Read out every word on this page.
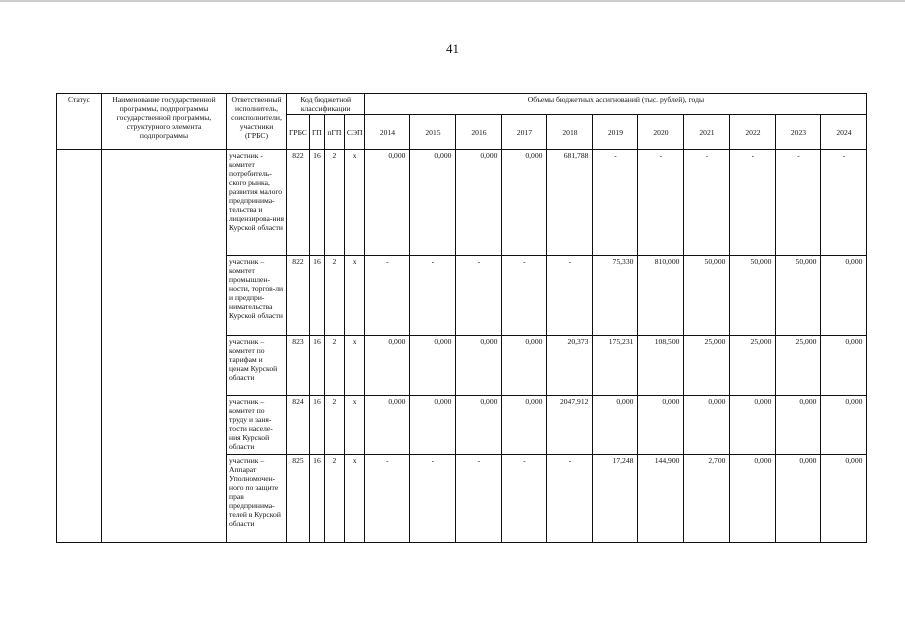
41
Статус	Наименование государственной программы, подпрограммы государственной программы, структурного элемента подпрограммы	Ответственный исполнитель, соисполнители, участники (ГРБС)	Код бюджетной классификации				Объемы бюджетных ассигнований (тыс. рублей), годы										
			ГРБС	ГП	пГП	СЭП	2014	2015	2016	2017	2018	2019	2020	2021	2022	2023	2024
		участник - комитет потребитель-ского рынка, развития малого предпринима-тельства и лицензирова-ния Курской области	822	16	2	x	0,000	0,000	0,000	0,000	681,788	-	-	-	-	-	-
		участник – комитет промышлен-ности, торгов-ли и предпри-нимательства Курской области	822	16	2	x	-	-	-	-	-	75,330	810,000	50,000	50,000	50,000	0,000
		участник – комитет по тарифам и ценам Курской области	823	16	2	x	0,000	0,000	0,000	0,000	20,373	175,231	108,500	25,000	25,000	25,000	0,000
		участник – комитет по труду и заня-тости населе-ния Курской области	824	16	2	x	0,000	0,000	0,000	0,000	2047,912	0,000	0,000	0,000	0,000	0,000	0,000
		участник – Аппарат Уполномочен-ного по защите прав предпринима-телей в Курской области	825	16	2	x	-	-	-	-	-	17,248	144,900	2,700	0,000	0,000	0,000
